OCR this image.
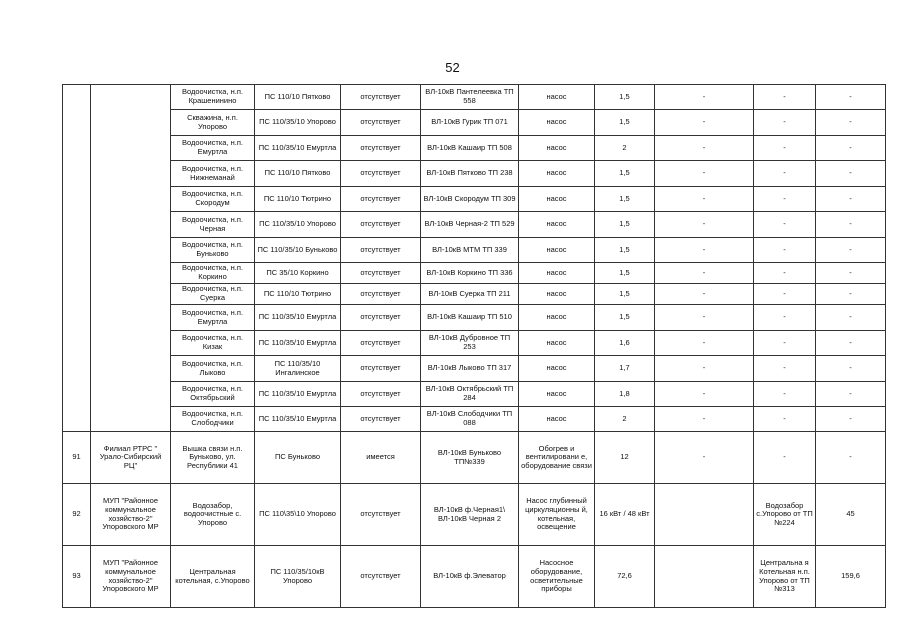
52
		Водоочистка, н.п. Крашенинино	ПС 110/10 Пятково	отсутствует	ВЛ-10кВ Пантелеевка ТП 558	насос	1,5	-	-	-
		Скважина, н.п. Упорово	ПС 110/35/10 Упорово	отсутствует	ВЛ-10кВ Гурик ТП 071	насос	1,5	-	-	-
		Водоочистка, н.п. Емуртла	ПС 110/35/10 Емуртла	отсутствует	ВЛ-10кВ Кашаир ТП 508	насос	2	-	-	-
		Водоочистка, н.п. Нижнеманай	ПС 110/10 Пятково	отсутствует	ВЛ-10кВ Пятково ТП 238	насос	1,5	-	-	-
		Водоочистка, н.п. Скородум	ПС 110/10 Тютрино	отсутствует	ВЛ-10кВ Скородум ТП 309	насос	1,5	-	-	-
		Водоочистка, н.п. Черная	ПС 110/35/10 Упорово	отсутствует	ВЛ-10кВ Черная-2 ТП 529	насос	1,5	-	-	-
		Водоочистка, н.п. Буньково	ПС 110/35/10 Буньково	отсутствует	ВЛ-10кВ МТМ ТП 339	насос	1,5	-	-	-
		Водоочистка, н.п. Коркино	ПС 35/10 Коркино	отсутствует	ВЛ-10кВ Коркино ТП 336	насос	1,5	-	-	-
		Водоочистка, н.п. Суерка	ПС 110/10 Тютрино	отсутствует	ВЛ-10кВ Суерка ТП 211	насос	1,5	-	-	-
		Водоочистка, н.п. Емуртла	ПС 110/35/10 Емуртла	отсутствует	ВЛ-10кВ Кашаир ТП 510	насос	1,5	-	-	-
		Водоочистка, н.п. Кизак	ПС 110/35/10 Емуртла	отсутствует	ВЛ-10кВ Дубровное ТП 253	насос	1,6	-	-	-
		Водоочистка, н.п. Лыково	ПС 110/35/10 Ингалинское	отсутствует	ВЛ-10кВ Лыково ТП 317	насос	1,7	-	-	-
		Водоочистка, н.п. Октябрьский	ПС 110/35/10 Емуртла	отсутствует	ВЛ-10кВ Октябрьский ТП 284	насос	1,8	-	-	-
		Водоочистка, н.п. Слободчики	ПС 110/35/10 Емуртла	отсутствует	ВЛ-10кВ Слободчики ТП 088	насос	2	-	-	-
91	Филиал РТРС " Урало-Сибирский РЦ"	Вышка связи н.п. Буньково, ул. Республики 41	ПС Буньково	имеется	ВЛ-10кВ Буньково ТП№339	Обогрев и вентилировани е, оборудование связи	12	-	-	-
92	МУП "Районное коммунальное хозяйство-2" Упоровского МР	Водозабор, водоочистные с. Упорово	ПС 110\35\10 Упорово	отсутствует	ВЛ-10кВ ф.Черная1\ ВЛ-10кВ Черная 2	Насос глубинный циркуляционны й, котельная, освещение	16 кВт / 48 кВт		Водозабор с.Упорово от ТП №224	45
93	МУП "Районное коммунальное хозяйство-2" Упоровского МР	Центральная котельная, с.Упорово	ПС 110/35/10кВ Упорово	отсутствует	ВЛ-10кВ ф.Элеватор	Насосное оборудование, осветительные приборы	72,6		Центральна я Котельная н.п. Упорово от ТП №313	159,6
